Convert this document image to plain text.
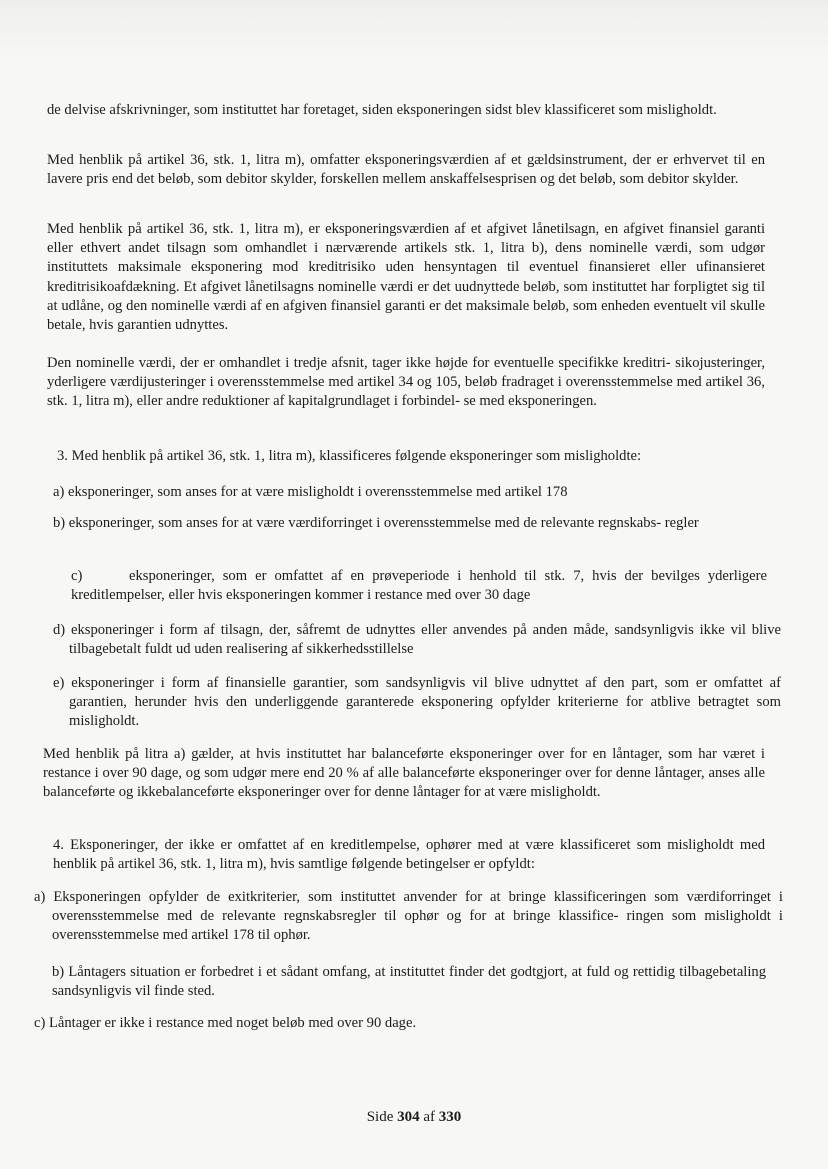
de delvise afskrivninger, som instituttet har foretaget, siden eksponeringen sidst blev klassificeret som misligholdt.

Med henblik på artikel 36, stk. 1, litra m), omfatter eksponeringsværdien af et gældsinstrument, der er erhvervet til en lavere pris end det beløb, som debitor skylder, forskellen mellem anskaffelsesprisen og det beløb, som debitor skylder.

Med henblik på artikel 36, stk. 1, litra m), er eksponeringsværdien af et afgivet lånetilsagn, en afgivet finansiel garanti eller ethvert andet tilsagn som omhandlet i nærværende artikels stk. 1, litra b), dens nominelle værdi, som udgør instituttets maksimale eksponering mod kreditrisiko uden hensyntagen til eventuel finansieret eller ufinansieret kreditrisikoafdækning. Et afgivet lånetilsagns nominelle værdi er det uudnyttede beløb, som instituttet har forpligtet sig til at udlåne, og den nominelle værdi af en afgiven finansiel garanti er det maksimale beløb, som enheden eventuelt vil skulle betale, hvis garantien udnyttes.

Den nominelle værdi, der er omhandlet i tredje afsnit, tager ikke højde for eventuelle specifikke kreditri- sikojusteringer, yderligere værdijusteringer i overensstemmelse med artikel 34 og 105, beløb fradraget i overensstemmelse med artikel 36, stk. 1, litra m), eller andre reduktioner af kapitalgrundlaget i forbindel- se med eksponeringen.

3. Med henblik på artikel 36, stk. 1, litra m), klassificeres følgende eksponeringer som misligholdte:

a) eksponeringer, som anses for at være misligholdt i overensstemmelse med artikel 178

b) eksponeringer, som anses for at være værdiforringet i overensstemmelse med de relevante regnskabs- regler

c)	eksponeringer, som er omfattet af en prøveperiode i henhold til stk. 7, hvis der bevilges yderligere kreditlempelser, eller hvis eksponeringen kommer i restance med over 30 dage

d) eksponeringer i form af tilsagn, der, såfremt de udnyttes eller anvendes på anden måde, sandsynligvis ikke vil blive tilbagebetalt fuldt ud uden realisering af sikkerhedsstillelse

e) eksponeringer i form af finansielle garantier, som sandsynligvis vil blive udnyttet af den part, som er omfattet af garantien, herunder hvis den underliggende garanterede eksponering opfylder kriterierne for atblive betragtet som misligholdt.

Med henblik på litra a) gælder, at hvis instituttet har balanceførte eksponeringer over for en låntager, som har været i restance i over 90 dage, og som udgør mere end 20 % af alle balanceførte eksponeringer over for denne låntager, anses alle balanceførte og ikkebalanceførte eksponeringer over for denne låntager for at være misligholdt.

4. Eksponeringer, der ikke er omfattet af en kreditlempelse, ophører med at være klassificeret som misligholdt med henblik på artikel 36, stk. 1, litra m), hvis samtlige følgende betingelser er opfyldt:

a) Eksponeringen opfylder de exitkriterier, som instituttet anvender for at bringe klassificeringen som værdiforringet i overensstemmelse med de relevante regnskabsregler til ophør og for at bringe klassifice- ringen som misligholdt i overensstemmelse med artikel 178 til ophør.

b) Låntagers situation er forbedret i et sådant omfang, at instituttet finder det godtgjort, at fuld og rettidig tilbagebetaling sandsynligvis vil finde sted.

c) Låntager er ikke i restance med noget beløb med over 90 dage.

Side 304 af 330
